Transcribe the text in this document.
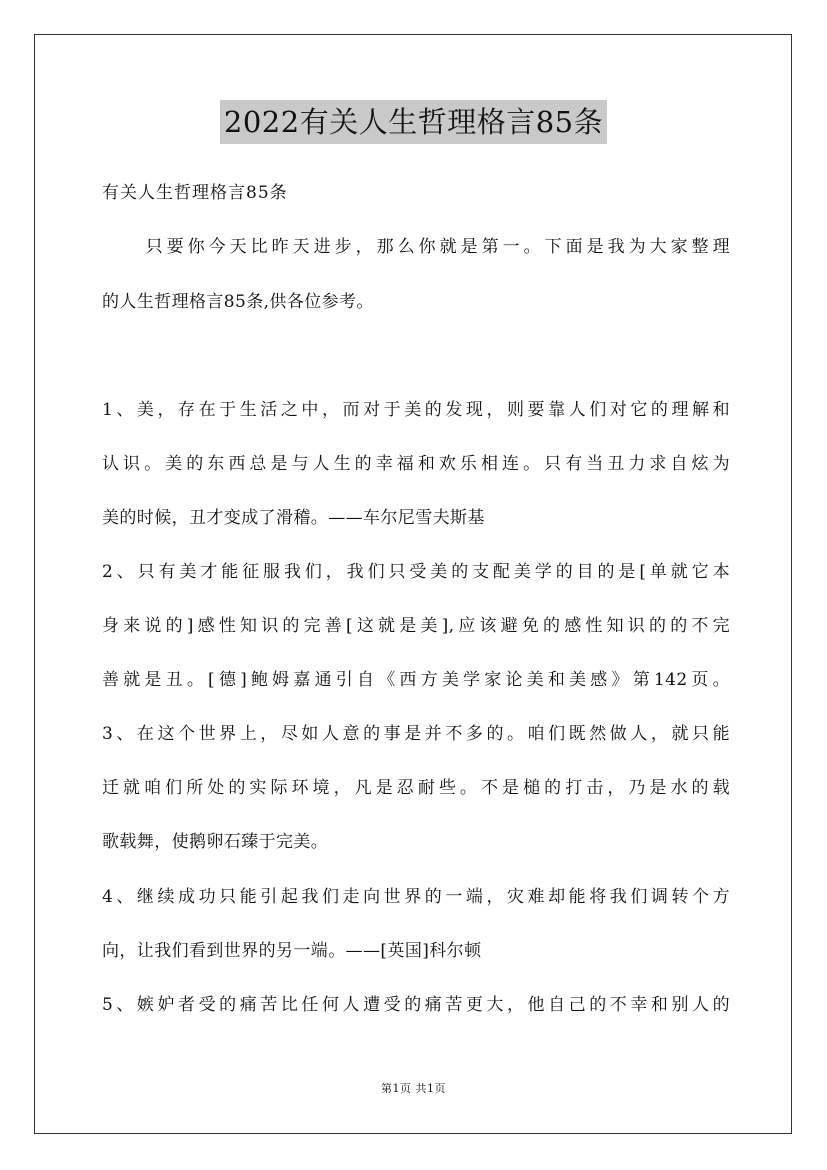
2022有关人生哲理格言85条
有关人生哲理格言85条
只要你今天比昨天进步，那么你就是第一。下面是我为大家整理
的人生哲理格言85条,供各位参考。
1、美，存在于生活之中，而对于美的发现，则要靠人们对它的理解和
认识。美的东西总是与人生的幸福和欢乐相连。只有当丑力求自炫为
美的时候，丑才变成了滑稽。——车尔尼雪夫斯基
2、只有美才能征服我们，我们只受美的支配美学的目的是[单就它本
身来说的]感性知识的完善[这就是美],应该避免的感性知识的的不完
善就是丑。[德]鲍姆嘉通引自《西方美学家论美和美感》第142页。
3、在这个世界上，尽如人意的事是并不多的。咱们既然做人，就只能
迁就咱们所处的实际环境，凡是忍耐些。不是槌的打击，乃是水的载
歌载舞，使鹅卵石臻于完美。
4、继续成功只能引起我们走向世界的一端，灾难却能将我们调转个方
向，让我们看到世界的另一端。——[英国]科尔顿
5、嫉妒者受的痛苦比任何人遭受的痛苦更大，他自己的不幸和别人的
第1页 共1页
